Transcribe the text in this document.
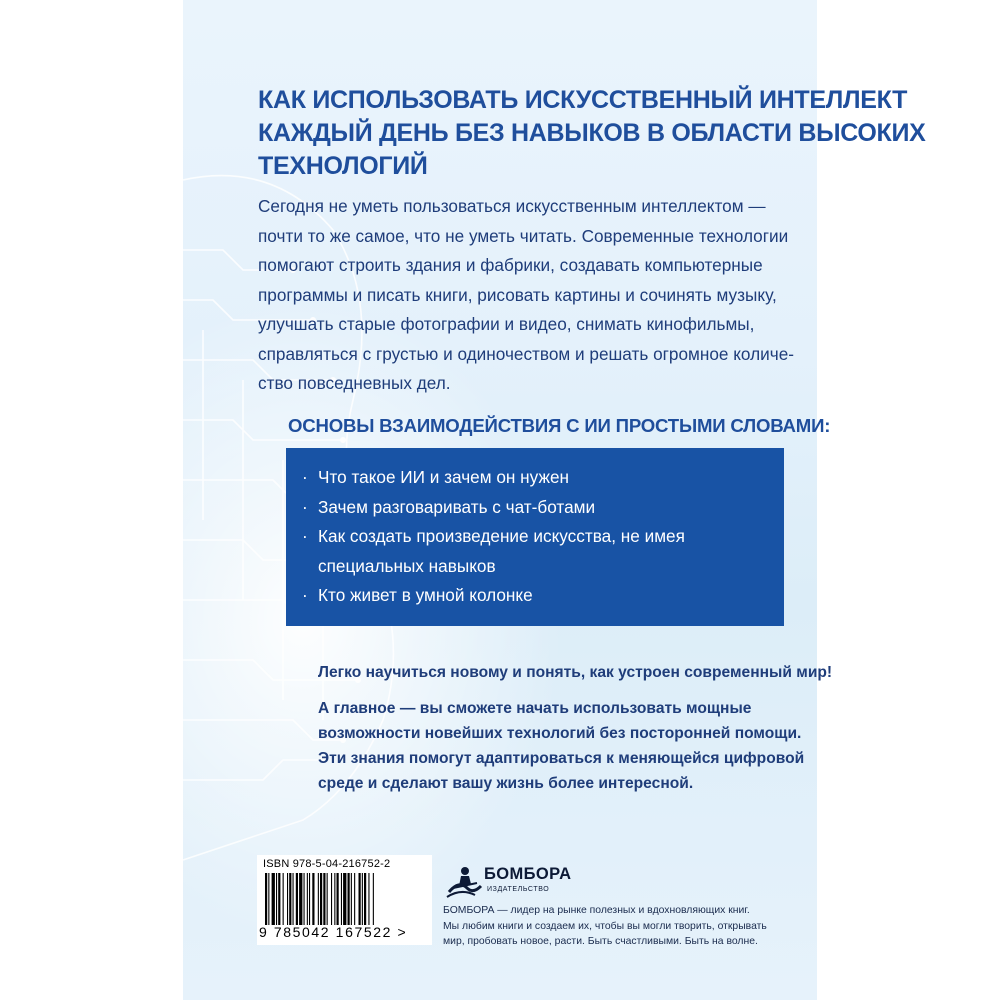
КАК ИСПОЛЬЗОВАТЬ ИСКУССТВЕННЫЙ ИНТЕЛЛЕКТ
КАЖДЫЙ ДЕНЬ БЕЗ НАВЫКОВ В ОБЛАСТИ ВЫСОКИХ
ТЕХНОЛОГИЙ

Сегодня не уметь пользоваться искусственным интеллектом —
почти то же самое, что не уметь читать. Современные технологии
помогают строить здания и фабрики, создавать компьютерные
программы и писать книги, рисовать картины и сочинять музыку,
улучшать старые фотографии и видео, снимать кинофильмы,
справляться с грустью и одиночеством и решать огромное количе-
ство повседневных дел.

ОСНОВЫ ВЗАИМОДЕЙСТВИЯ С ИИ ПРОСТЫМИ СЛОВАМИ:
· Что такое ИИ и зачем он нужен
· Зачем разговаривать с чат-ботами
· Как создать произведение искусства, не имея
специальных навыков
· Кто живет в умной колонке

Легко научиться новому и понять, как устроен современный мир!

А главное — вы сможете начать использовать мощные
возможности новейших технологий без посторонней помощи.
Эти знания помогут адаптироваться к меняющейся цифровой
среде и сделают вашу жизнь более интересной.

ISBN 978-5-04-216752-2
9 785042 167522 >
БОМБОРА
ИЗДАТЕЛЬСТВО

БОМБОРА — лидер на рынке полезных и вдохновляющих книг.
Мы любим книги и создаем их, чтобы вы могли творить, открывать
мир, пробовать новое, расти. Быть счастливыми. Быть на волне.
